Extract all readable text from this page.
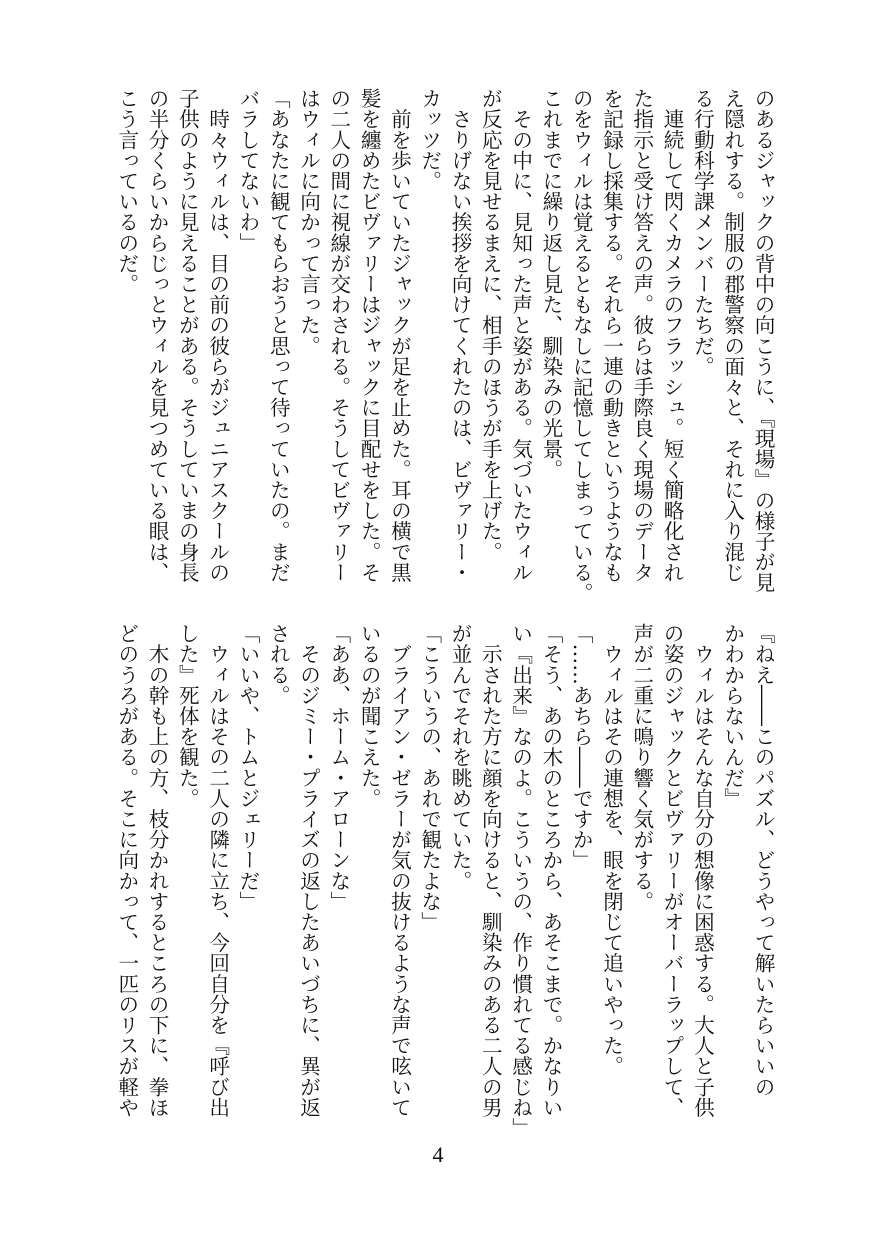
のあるジャックの背中の向こうに、『現場』の様子が見
え隠れする。制服の郡警察の面々と、それに入り混じ
る行動科学課メンバーたちだ。
　連続して閃くカメラのフラッシュ。短く簡略化され
た指示と受け答えの声。彼らは手際良く現場のデータ
を記録し採集する。それら一連の動きというようなも
のをウィルは覚えるともなしに記憶してしまっている。
これまでに繰り返し見た、馴染みの光景。
　その中に、見知った声と姿がある。気づいたウィル
が反応を見せるまえに、相手のほうが手を上げた。
　さりげない挨拶を向けてくれたのは、ビヴァリー・
カッツだ。
　前を歩いていたジャックが足を止めた。耳の横で黒
髪を纏めたビヴァリーはジャックに目配せをした。そ
の二人の間に視線が交わされる。そうしてビヴァリー
はウィルに向かって言った。
「あなたに観てもらおうと思って待っていたの。まだ
バラしてないわ」
　時々ウィルは、目の前の彼らがジュニアスクールの
子供のように見えることがある。そうしていまの身長
の半分くらいからじっとウィルを見つめている眼は、
こう言っているのだ。
『ねえ――このパズル、どうやって解いたらいいの
かわからないんだ』
　ウィルはそんな自分の想像に困惑する。大人と子供
の姿のジャックとビヴァリーがオーバーラップして、
声が二重に鳴り響く気がする。
　ウィルはその連想を、眼を閉じて追いやった。
「……あちら――ですか」
「そう、あの木のところから、あそこまで。かなりい
い『出来』なのよ。こういうの、作り慣れてる感じね」
　示された方に顔を向けると、馴染みのある二人の男
が並んでそれを眺めていた。
「こういうの、あれで観たよな」
　ブライアン・ゼラーが気の抜けるような声で呟いて
いるのが聞こえた。
「ああ、ホーム・アローンな」
　そのジミー・プライズの返したあいづちに、異が返
される。
「いいや、トムとジェリーだ」
　ウィルはその二人の隣に立ち、今回自分を『呼び出
した』死体を観た。
　木の幹も上の方、枝分かれするところの下に、拳ほ
どのうろがある。そこに向かって、一匹のリスが軽や
4
